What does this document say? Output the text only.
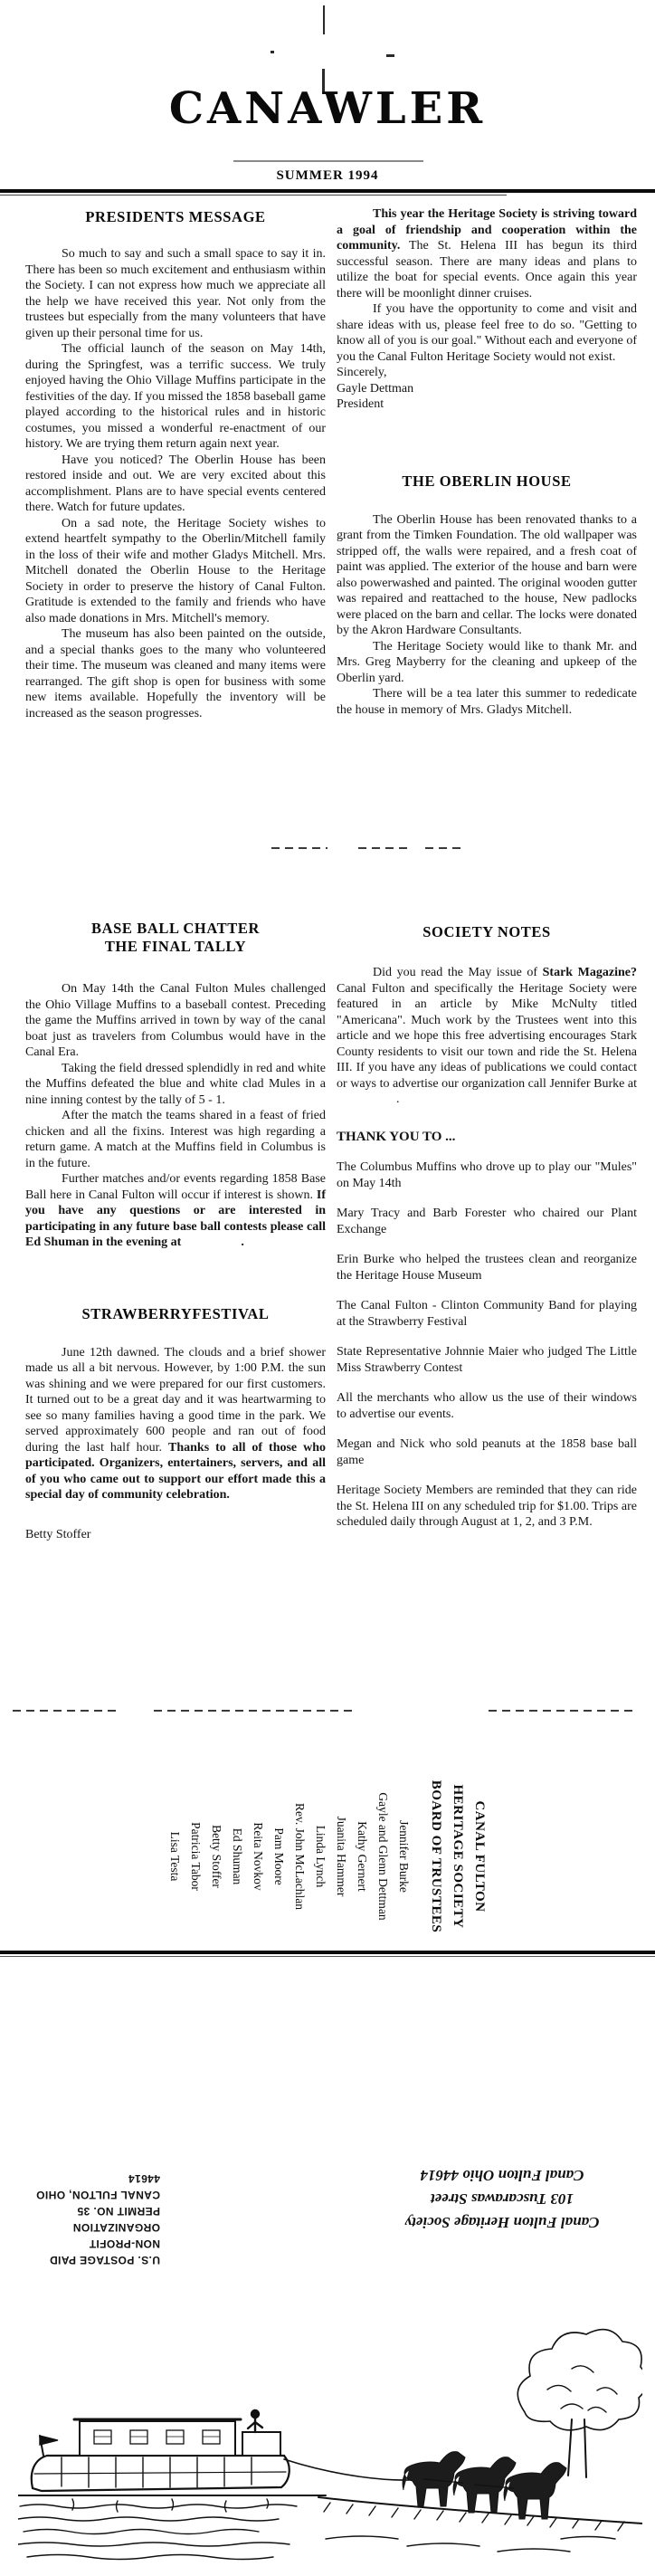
CANAWLER
SUMMER 1994

PRESIDENTS MESSAGE

So much to say and such a small space to say it in. There has been so much excitement and enthusiasm within the Society. I can not express how much we appreciate all the help we have received this year. Not only from the trustees but especially from the many volunteers that have given up their personal time for us.

The official launch of the season on May 14th, during the Springfest, was a terrific success. We truly enjoyed having the Ohio Village Muffins participate in the festivities of the day. If you missed the 1858 baseball game played according to the historical rules and in historic costumes, you missed a wonderful re-enactment of our history. We are trying them return again next year.

Have you noticed? The Oberlin House has been restored inside and out. We are very excited about this accomplishment. Plans are to have special events centered there. Watch for future updates.

On a sad note, the Heritage Society wishes to extend heartfelt sympathy to the Oberlin/Mitchell family in the loss of their wife and mother Gladys Mitchell. Mrs. Mitchell donated the Oberlin House to the Heritage Society in order to preserve the history of Canal Fulton. Gratitude is extended to the family and friends who have also made donations in Mrs. Mitchell's memory.

The museum has also been painted on the outside, and a special thanks goes to the many who volunteered their time. The museum was cleaned and many items were rearranged. The gift shop is open for business with some new items available. Hopefully the inventory will be increased as the season progresses.

This year the Heritage Society is striving toward a goal of friendship and cooperation within the community. The St. Helena III has begun its third successful season. There are many ideas and plans to utilize the boat for special events. Once again this year there will be moonlight dinner cruises.

If you have the opportunity to come and visit and share ideas with us, please feel free to do so. "Getting to know all of you is our goal." Without each and everyone of you the Canal Fulton Heritage Society would not exist.

Sincerely,

Gayle Dettman

President

THE OBERLIN HOUSE

The Oberlin House has been renovated thanks to a grant from the Timken Foundation. The old wallpaper was stripped off, the walls were repaired, and a fresh coat of paint was applied. The exterior of the house and barn were also powerwashed and painted. The original wooden gutter was repaired and reattached to the house, New padlocks were placed on the barn and cellar. The locks were donated by the Akron Hardware Consultants.

The Heritage Society would like to thank Mr. and Mrs. Greg Mayberry for the cleaning and upkeep of the Oberlin yard.

There will be a tea later this summer to rededicate the house in memory of Mrs. Gladys Mitchell.

BASE BALL CHATTER

THE FINAL TALLY

On May 14th the Canal Fulton Mules challenged the Ohio Village Muffins to a baseball contest. Preceding the game the Muffins arrived in town by way of the canal boat just as travelers from Columbus would have in the Canal Era.

Taking the field dressed splendidly in red and white the Muffins defeated the blue and white clad Mules in a nine inning contest by the tally of 5 - 1.

After the match the teams shared in a feast of fried chicken and all the fixins. Interest was high regarding a return game. A match at the Muffins field in Columbus is in the future.

Further matches and/or events regarding 1858 Base Ball here in Canal Fulton will occur if interest is shown. If you have any questions or are interested in participating in any future base ball contests please call Ed Shuman in the evening at	.

STRAWBERRYFESTIVAL

June 12th dawned. The clouds and a brief shower made us all a bit nervous. However, by 1:00 P.M. the sun was shining and we were prepared for our first customers. It turned out to be a great day and it was heartwarming to see so many families having a good time in the park. We served approximately 600 people and ran out of food during the last half hour. Thanks to all of those who participated. Organizers, entertainers, servers, and all of you who came out to support our effort made this a special day of community celebration.

Betty Stoffer

SOCIETY NOTES

Did you read the May issue of Stark Magazine? Canal Fulton and specifically the Heritage Society were featured in an article by Mike McNulty titled "Americana". Much work by the Trustees went into this article and we hope this free advertising encourages Stark County residents to visit our town and ride the St. Helena III. If you have any ideas of publications we could contact or ways to advertise our organization call Jennifer Burke at.

THANK YOU TO ...

The Columbus Muffins who drove up to play our "Mules" on May 14th

Mary Tracy and Barb Forester who chaired our Plant Exchange

Erin Burke who helped the trustees clean and reorganize the Heritage House Museum

The Canal Fulton - Clinton Community Band for playing at the Strawberry Festival

State Representative Johnnie Maier who judged The Little Miss Strawberry Contest

All the merchants who allow us the use of their windows to advertise our events.

Megan and Nick who sold peanuts at the 1858 base ball game

Heritage Society Members are reminded that they can ride the St. Helena III on any scheduled trip for $1.00. Trips are scheduled daily through August at 1, 2, and 3 P.M.

CANAL FULTON
HERITAGE SOCIETY
BOARD OF TRUSTEES
Jennifer Burke
Gayle and Glenn Dettman
Kathy Gernert
Juanita Hammer
Linda Lynch
Rev. John McLachlan
Pam Moore
Reita Novkov
Ed Shuman
Betty Stoffer
Patricia Tabor
Lisa Testa
U.S. POSTAGE PAID
NON-PROFIT ORGANIZATION
PERMIT NO. 35
CANAL FULTON, OHIO 44614
Canal Fulton Heritage Society
103 Tuscarawas Street
Canal Fulton Ohio 44614
